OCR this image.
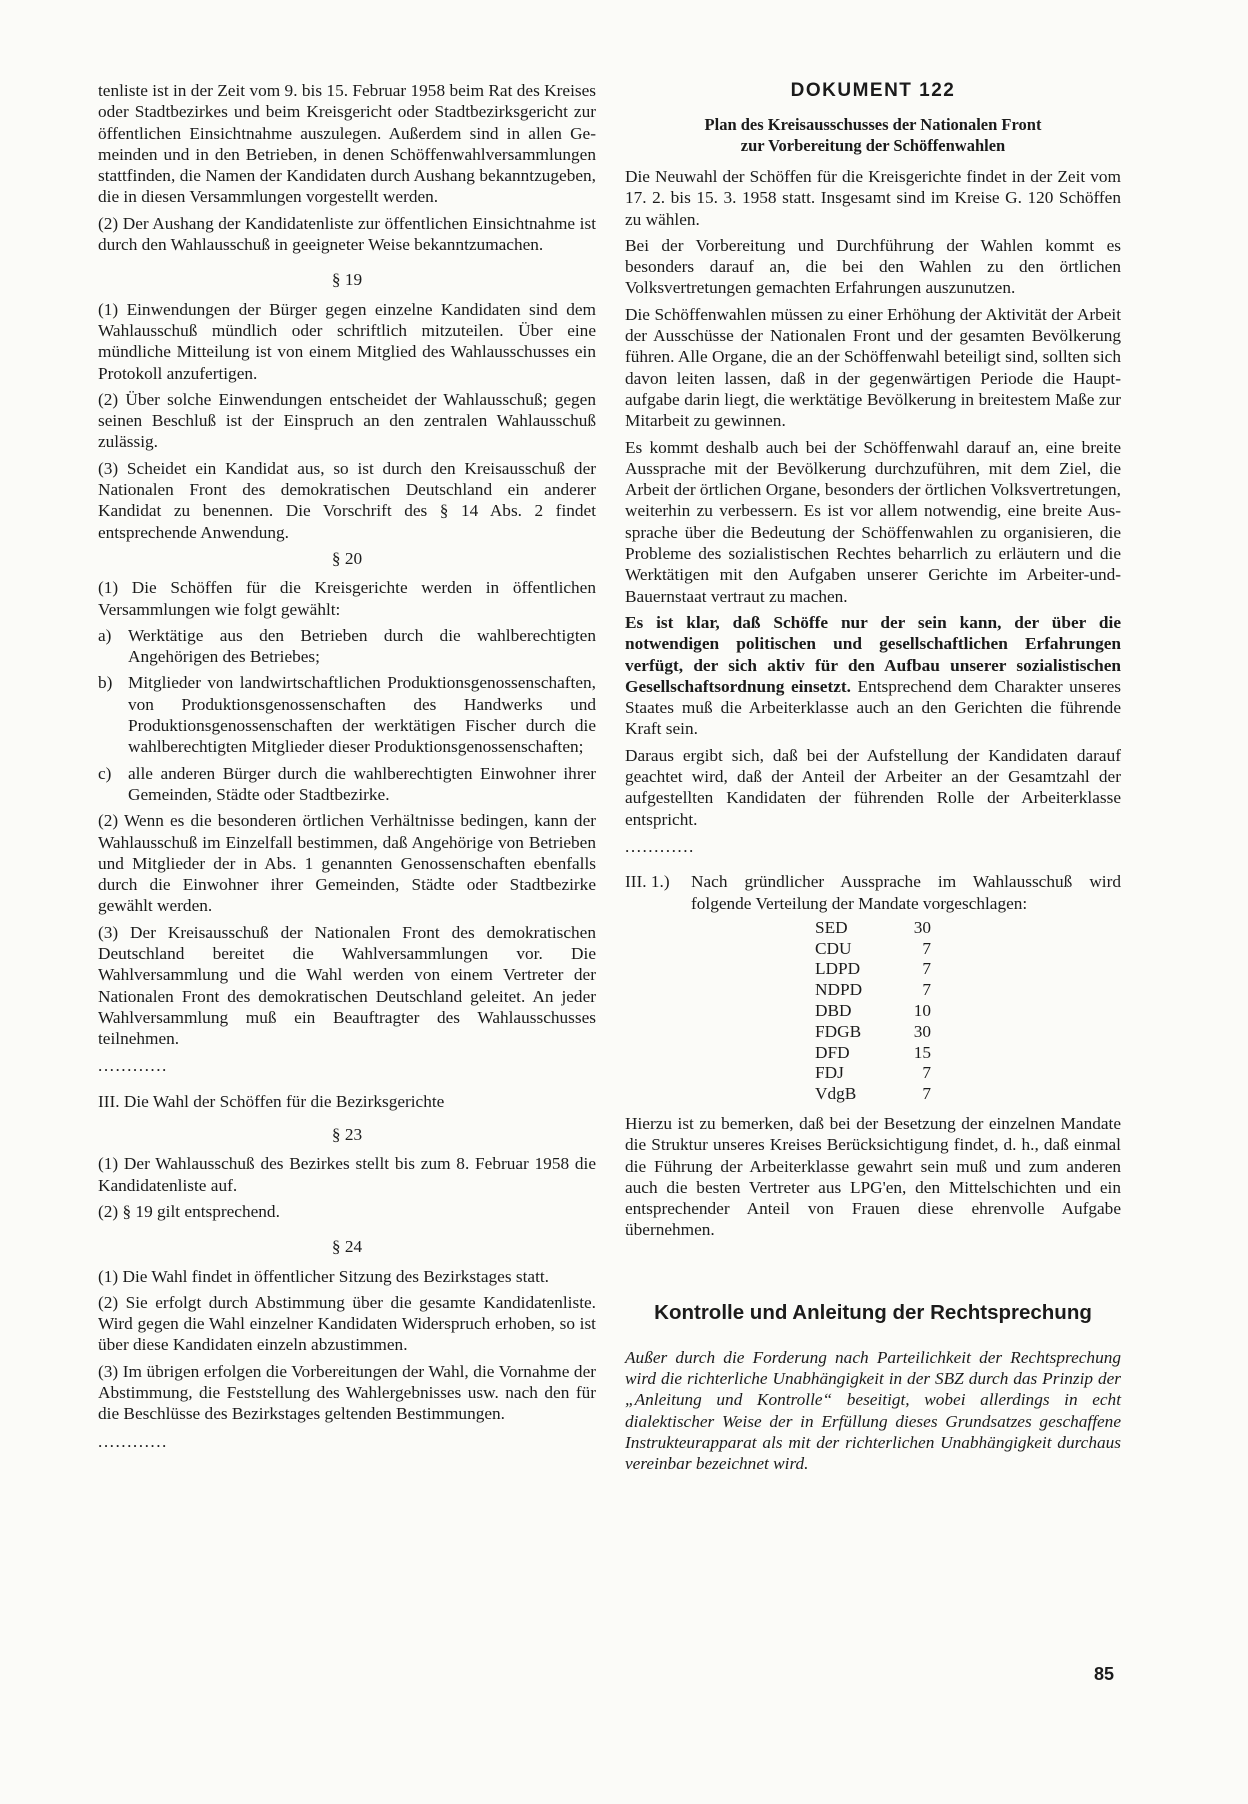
tenliste ist in der Zeit vom 9. bis 15. Februar 1958 beim Rat des Kreises oder Stadtbezirkes und beim Kreisgericht oder Stadtbezirksgericht zur öffentlichen Einsichtnahme auszulegen. Außerdem sind in allen Gemeinden und in den Betrieben, in denen Schöffenwahlversammlungen stattfinden, die Namen der Kandidaten durch Aushang bekanntzugeben, die in diesen Versammlungen vorgestellt werden.

(2) Der Aushang der Kandidatenliste zur öffentlichen Einsichtnahme ist durch den Wahlausschuß in geeigneter Weise bekanntzumachen.

§ 19

(1) Einwendungen der Bürger gegen einzelne Kandidaten sind dem Wahlausschuß mündlich oder schriftlich mitzuteilen. Über eine mündliche Mitteilung ist von einem Mitglied des Wahlausschusses ein Protokoll anzufertigen.

(2) Über solche Einwendungen entscheidet der Wahlausschuß; gegen seinen Beschluß ist der Einspruch an den zentralen Wahlausschuß zulässig.

(3) Scheidet ein Kandidat aus, so ist durch den Kreisausschuß der Nationalen Front des demokratischen Deutschland ein anderer Kandidat zu benennen. Die Vorschrift des § 14 Abs. 2 findet entsprechende Anwendung.

§ 20

(1) Die Schöffen für die Kreisgerichte werden in öffentlichen Versammlungen wie folgt gewählt:

a) Werktätige aus den Betrieben durch die wahlberechtigten Angehörigen des Betriebes;
b) Mitglieder von landwirtschaftlichen Produktionsgenossenschaften, von Produktionsgenossenschaften des Handwerks und Produktionsgenossenschaften der werktätigen Fischer durch die wahlberechtigten Mitglieder dieser Produktionsgenossenschaften;
c) alle anderen Bürger durch die wahlberechtigten Einwohner ihrer Gemeinden, Städte oder Stadtbezirke.

(2) Wenn es die besonderen örtlichen Verhältnisse bedingen, kann der Wahlausschuß im Einzelfall bestimmen, daß Angehörige von Betrieben und Mitglieder der in Abs. 1 genannten Genossenschaften ebenfalls durch die Einwohner ihrer Gemeinden, Städte oder Stadtbezirke gewählt werden.

(3) Der Kreisausschuß der Nationalen Front des demokratischen Deutschland bereitet die Wahlversammlungen vor. Die Wahlversammlung und die Wahl werden von einem Vertreter der Nationalen Front des demokratischen Deutschland geleitet. An jeder Wahlversammlung muß ein Beauftragter des Wahlausschusses teilnehmen.

............

III. Die Wahl der Schöffen für die Bezirksgerichte

§ 23

(1) Der Wahlausschuß des Bezirkes stellt bis zum 8. Februar 1958 die Kandidatenliste auf.

(2) § 19 gilt entsprechend.

§ 24

(1) Die Wahl findet in öffentlicher Sitzung des Bezirkstages statt.

(2) Sie erfolgt durch Abstimmung über die gesamte Kandidatenliste. Wird gegen die Wahl einzelner Kandidaten Widerspruch erhoben, so ist über diese Kandidaten einzeln abzustimmen.

(3) Im übrigen erfolgen die Vorbereitungen der Wahl, die Vornahme der Abstimmung, die Feststellung des Wahlergebnisses usw. nach den für die Beschlüsse des Bezirkstages geltenden Bestimmungen.

............

DOKUMENT 122

Plan des Kreisausschusses der Nationalen Front
zur Vorbereitung der Schöffenwahlen

Die Neuwahl der Schöffen für die Kreisgerichte findet in der Zeit vom 17. 2. bis 15. 3. 1958 statt. Insgesamt sind im Kreise G. 120 Schöffen zu wählen.

Bei der Vorbereitung und Durchführung der Wahlen kommt es besonders darauf an, die bei den Wahlen zu den örtlichen Volksvertretungen gemachten Erfahrungen auszunutzen.

Die Schöffenwahlen müssen zu einer Erhöhung der Aktivität der Arbeit der Ausschüsse der Nationalen Front und der gesamten Bevölkerung führen. Alle Organe, die an der Schöffenwahl beteiligt sind, sollten sich davon leiten lassen, daß in der gegenwärtigen Periode die Hauptaufgabe darin liegt, die werktätige Bevölkerung in breitestem Maße zur Mitarbeit zu gewinnen.

Es kommt deshalb auch bei der Schöffenwahl darauf an, eine breite Aussprache mit der Bevölkerung durchzuführen, mit dem Ziel, die Arbeit der örtlichen Organe, besonders der örtlichen Volksvertretungen, weiterhin zu verbessern. Es ist vor allem notwendig, eine breite Aussprache über die Bedeutung der Schöffenwahlen zu organisieren, die Probleme des sozialistischen Rechtes beharrlich zu erläutern und die Werktätigen mit den Aufgaben unserer Gerichte im Arbeiter-und-Bauernstaat vertraut zu machen.

Es ist klar, daß Schöffe nur der sein kann, der über die notwendigen politischen und gesellschaftlichen Erfahrungen verfügt, der sich aktiv für den Aufbau unserer sozialistischen Gesellschaftsordnung einsetzt. Entsprechend dem Charakter unseres Staates muß die Arbeiterklasse auch an den Gerichten die führende Kraft sein.

Daraus ergibt sich, daß bei der Aufstellung der Kandidaten darauf geachtet wird, daß der Anteil der Arbeiter an der Gesamtzahl der aufgestellten Kandidaten der führenden Rolle der Arbeiterklasse entspricht.

............

III. 1.)	Nach gründlicher Aussprache im Wahlausschuß wird folgende Verteilung der Mandate vorgeschlagen:
SED	30
CDU	7
LDPD	7
NDPD	7
DBD	10
FDGB	30
DFD	15
FDJ	7
VdgB	7

Hierzu ist zu bemerken, daß bei der Besetzung der einzelnen Mandate die Struktur unseres Kreises Berücksichtigung findet, d. h., daß einmal die Führung der Arbeiterklasse gewahrt sein muß und zum anderen auch die besten Vertreter aus LPG'en, den Mittelschichten und ein entsprechender Anteil von Frauen diese ehrenvolle Aufgabe übernehmen.

Kontrolle und Anleitung der Rechtsprechung

Außer durch die Forderung nach Parteilichkeit der Rechtsprechung wird die richterliche Unabhängigkeit in der SBZ durch das Prinzip der „Anleitung und Kontrolle“ beseitigt, wobei allerdings in echt dialektischer Weise der in Erfüllung dieses Grundsatzes geschaffene Instrukteurapparat als mit der richterlichen Unabhängigkeit durchaus vereinbar bezeichnet wird.

85
